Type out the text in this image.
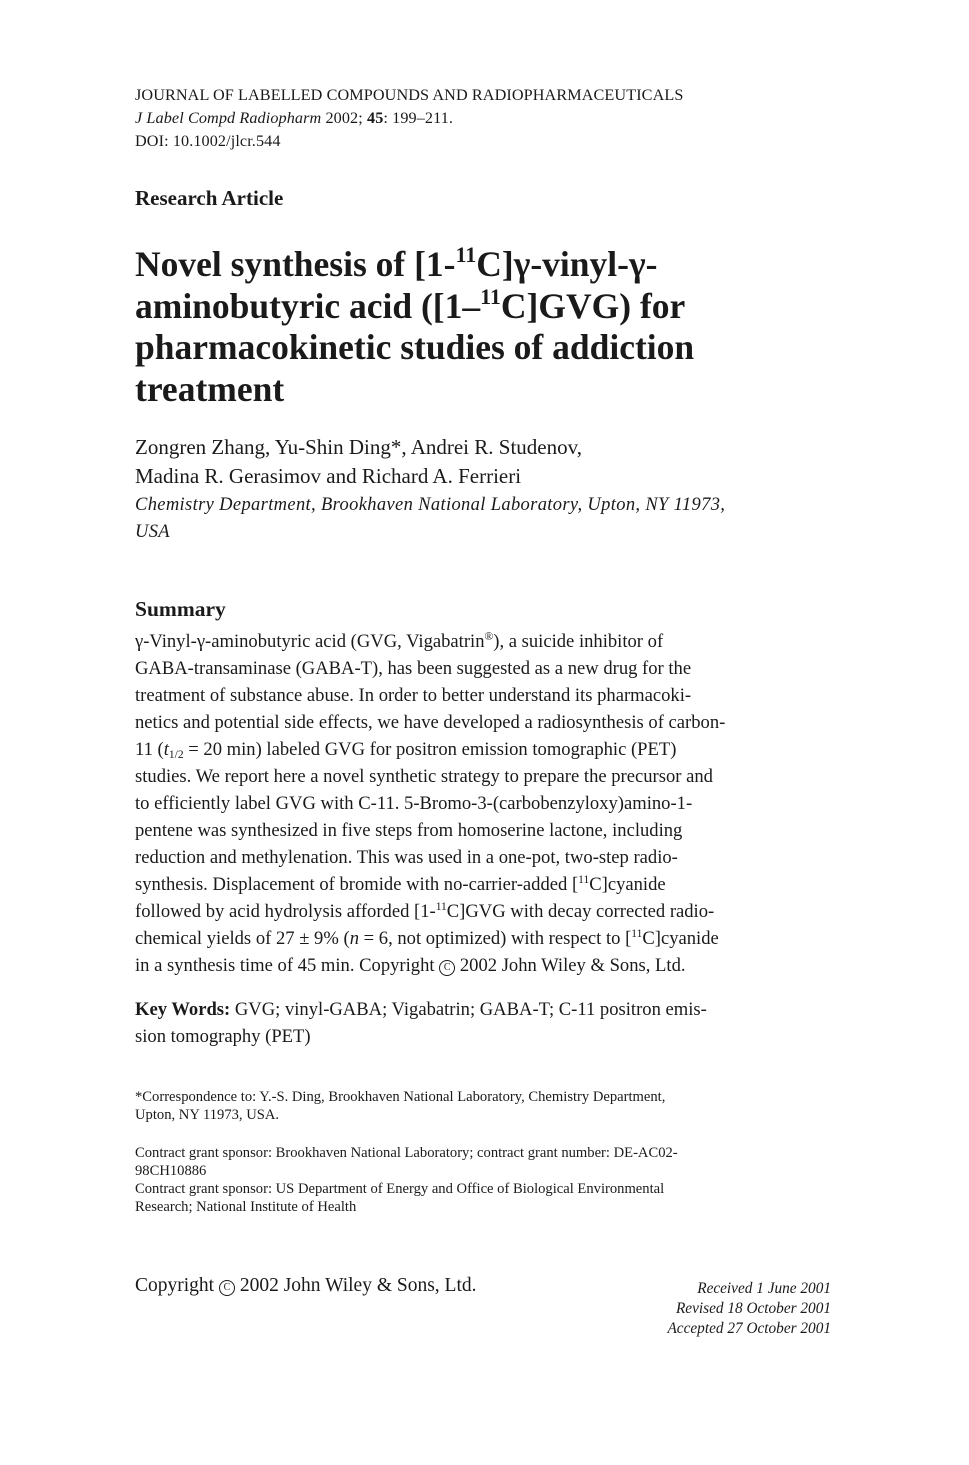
JOURNAL OF LABELLED COMPOUNDS AND RADIOPHARMACEUTICALS
J Label Compd Radiopharm 2002; 45: 199–211.
DOI: 10.1002/jlcr.544
Research Article
Novel synthesis of [1-$^{11}$C]γ-vinyl-γ-
aminobutyric acid ([1–$^{11}$C]GVG) for
pharmacokinetic studies of addiction
treatment
Zongren Zhang, Yu-Shin Ding*, Andrei R. Studenov,
Madina R. Gerasimov and Richard A. Ferrieri
Chemistry Department, Brookhaven National Laboratory, Upton, NY 11973,
USA
Summary
γ-Vinyl-γ-aminobutyric acid (GVG, Vigabatrin®), a suicide inhibitor of
GABA-transaminase (GABA-T), has been suggested as a new drug for the
treatment of substance abuse. In order to better understand its pharmacoki-
netics and potential side effects, we have developed a radiosynthesis of carbon-
11 ($t_{1/2} = 20$ min) labeled GVG for positron emission tomographic (PET)
studies. We report here a novel synthetic strategy to prepare the precursor and
to efficiently label GVG with C-11. 5-Bromo-3-(carbobenzyloxy)amino-1-
pentene was synthesized in five steps from homoserine lactone, including
reduction and methylenation. This was used in a one-pot, two-step radio-
synthesis. Displacement of bromide with no-carrier-added [$^{11}$C]cyanide
followed by acid hydrolysis afforded [1-$^{11}$C]GVG with decay corrected radio-
chemical yields of 27 ± 9% (n = 6, not optimized) with respect to [$^{11}$C]cyanide
in a synthesis time of 45 min. Copyright C 2002 John Wiley & Sons, Ltd.
Key Words: GVG; vinyl-GABA; Vigabatrin; GABA-T; C-11 positron emis-
sion tomography (PET)
*Correspondence to: Y.-S. Ding, Brookhaven National Laboratory, Chemistry Department,
Upton, NY 11973, USA.
Contract grant sponsor: Brookhaven National Laboratory; contract grant number: DE-AC02-
98CH10886
Contract grant sponsor: US Department of Energy and Office of Biological Environmental
Research; National Institute of Health
Copyright C 2002 John Wiley & Sons, Ltd.	Received 1 June 2001
Revised 18 October 2001
Accepted 27 October 2001
